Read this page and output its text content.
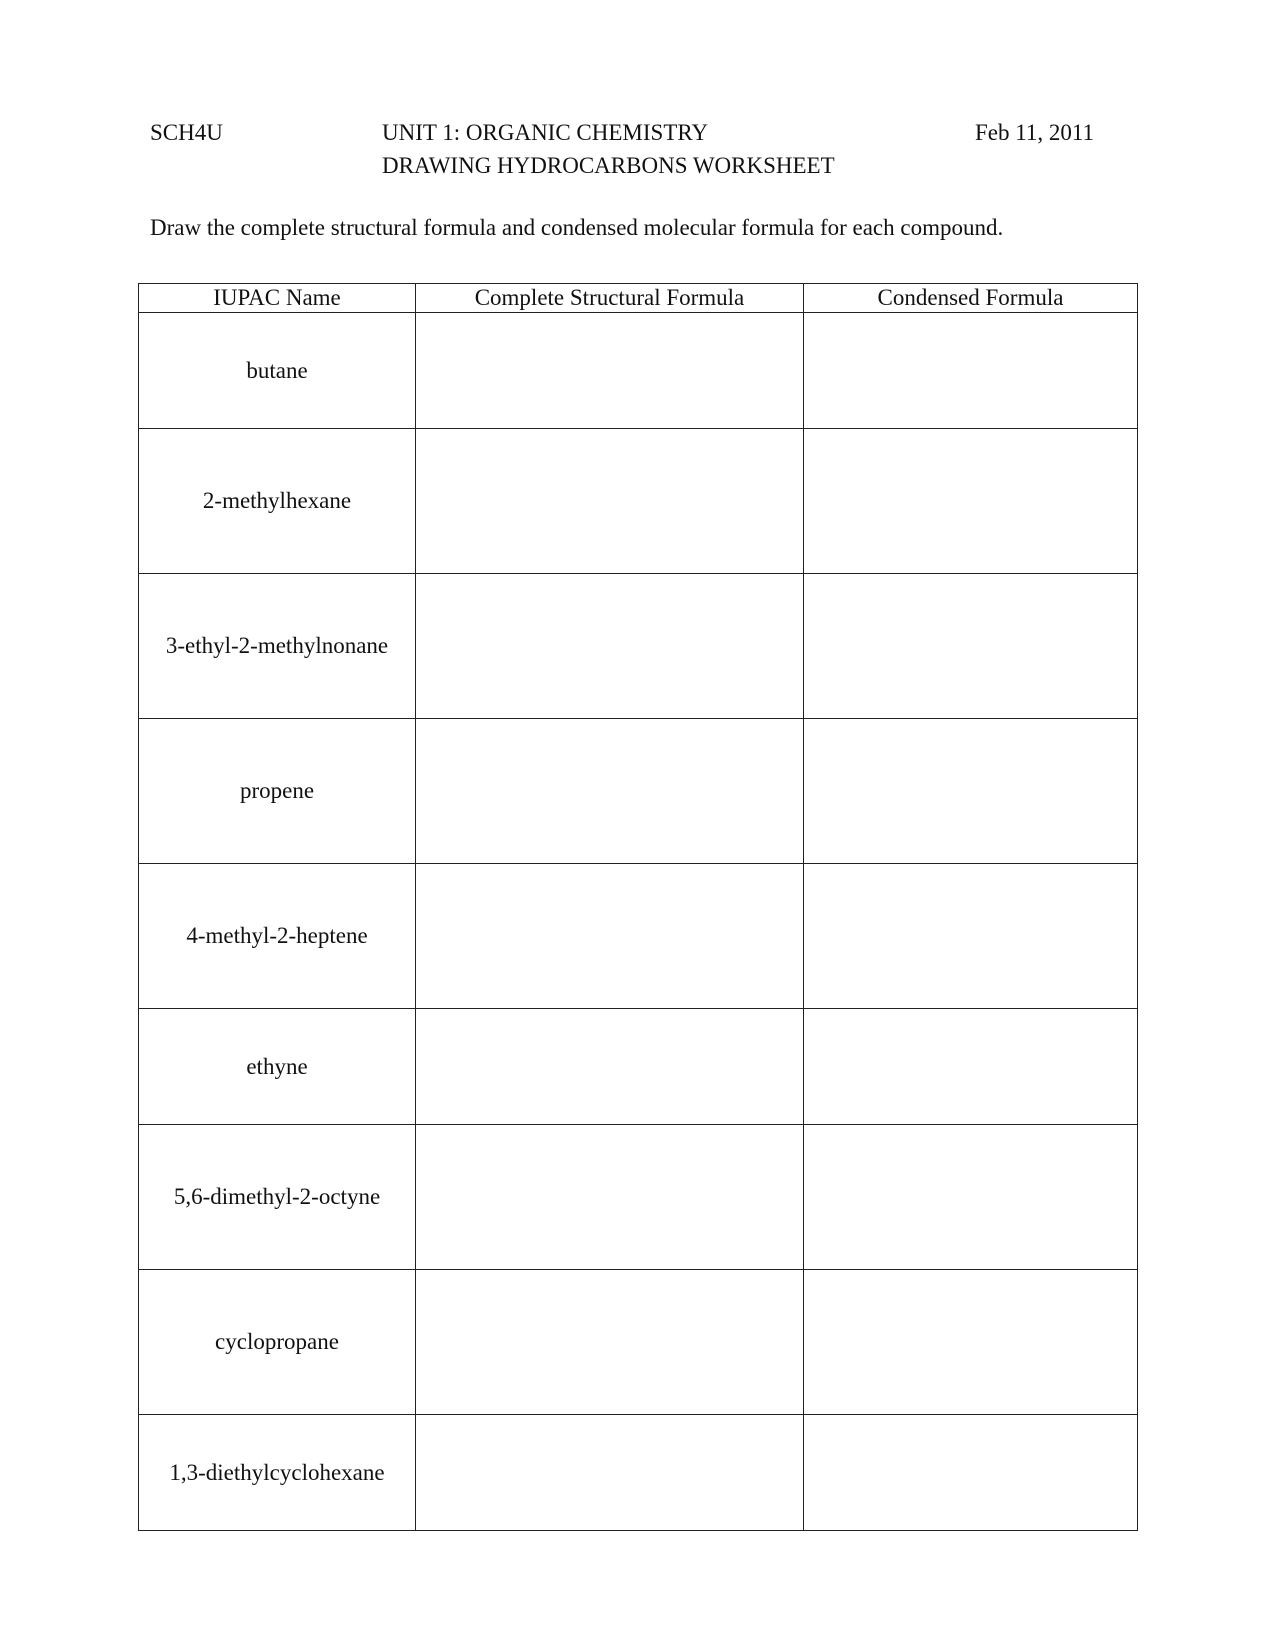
SCH4U	UNIT 1: ORGANIC CHEMISTRY
DRAWING HYDROCARBONS WORKSHEET
Feb 11, 2011
Draw the complete structural formula and condensed molecular formula for each compound.
IUPAC Name	Complete Structural Formula	Condensed Formula
butane		
2-methylhexane		
3-ethyl-2-methylnonane		
propene		
4-methyl-2-heptene		
ethyne		
5,6-dimethyl-2-octyne		
cyclopropane		
1,3-diethylcyclohexane		
